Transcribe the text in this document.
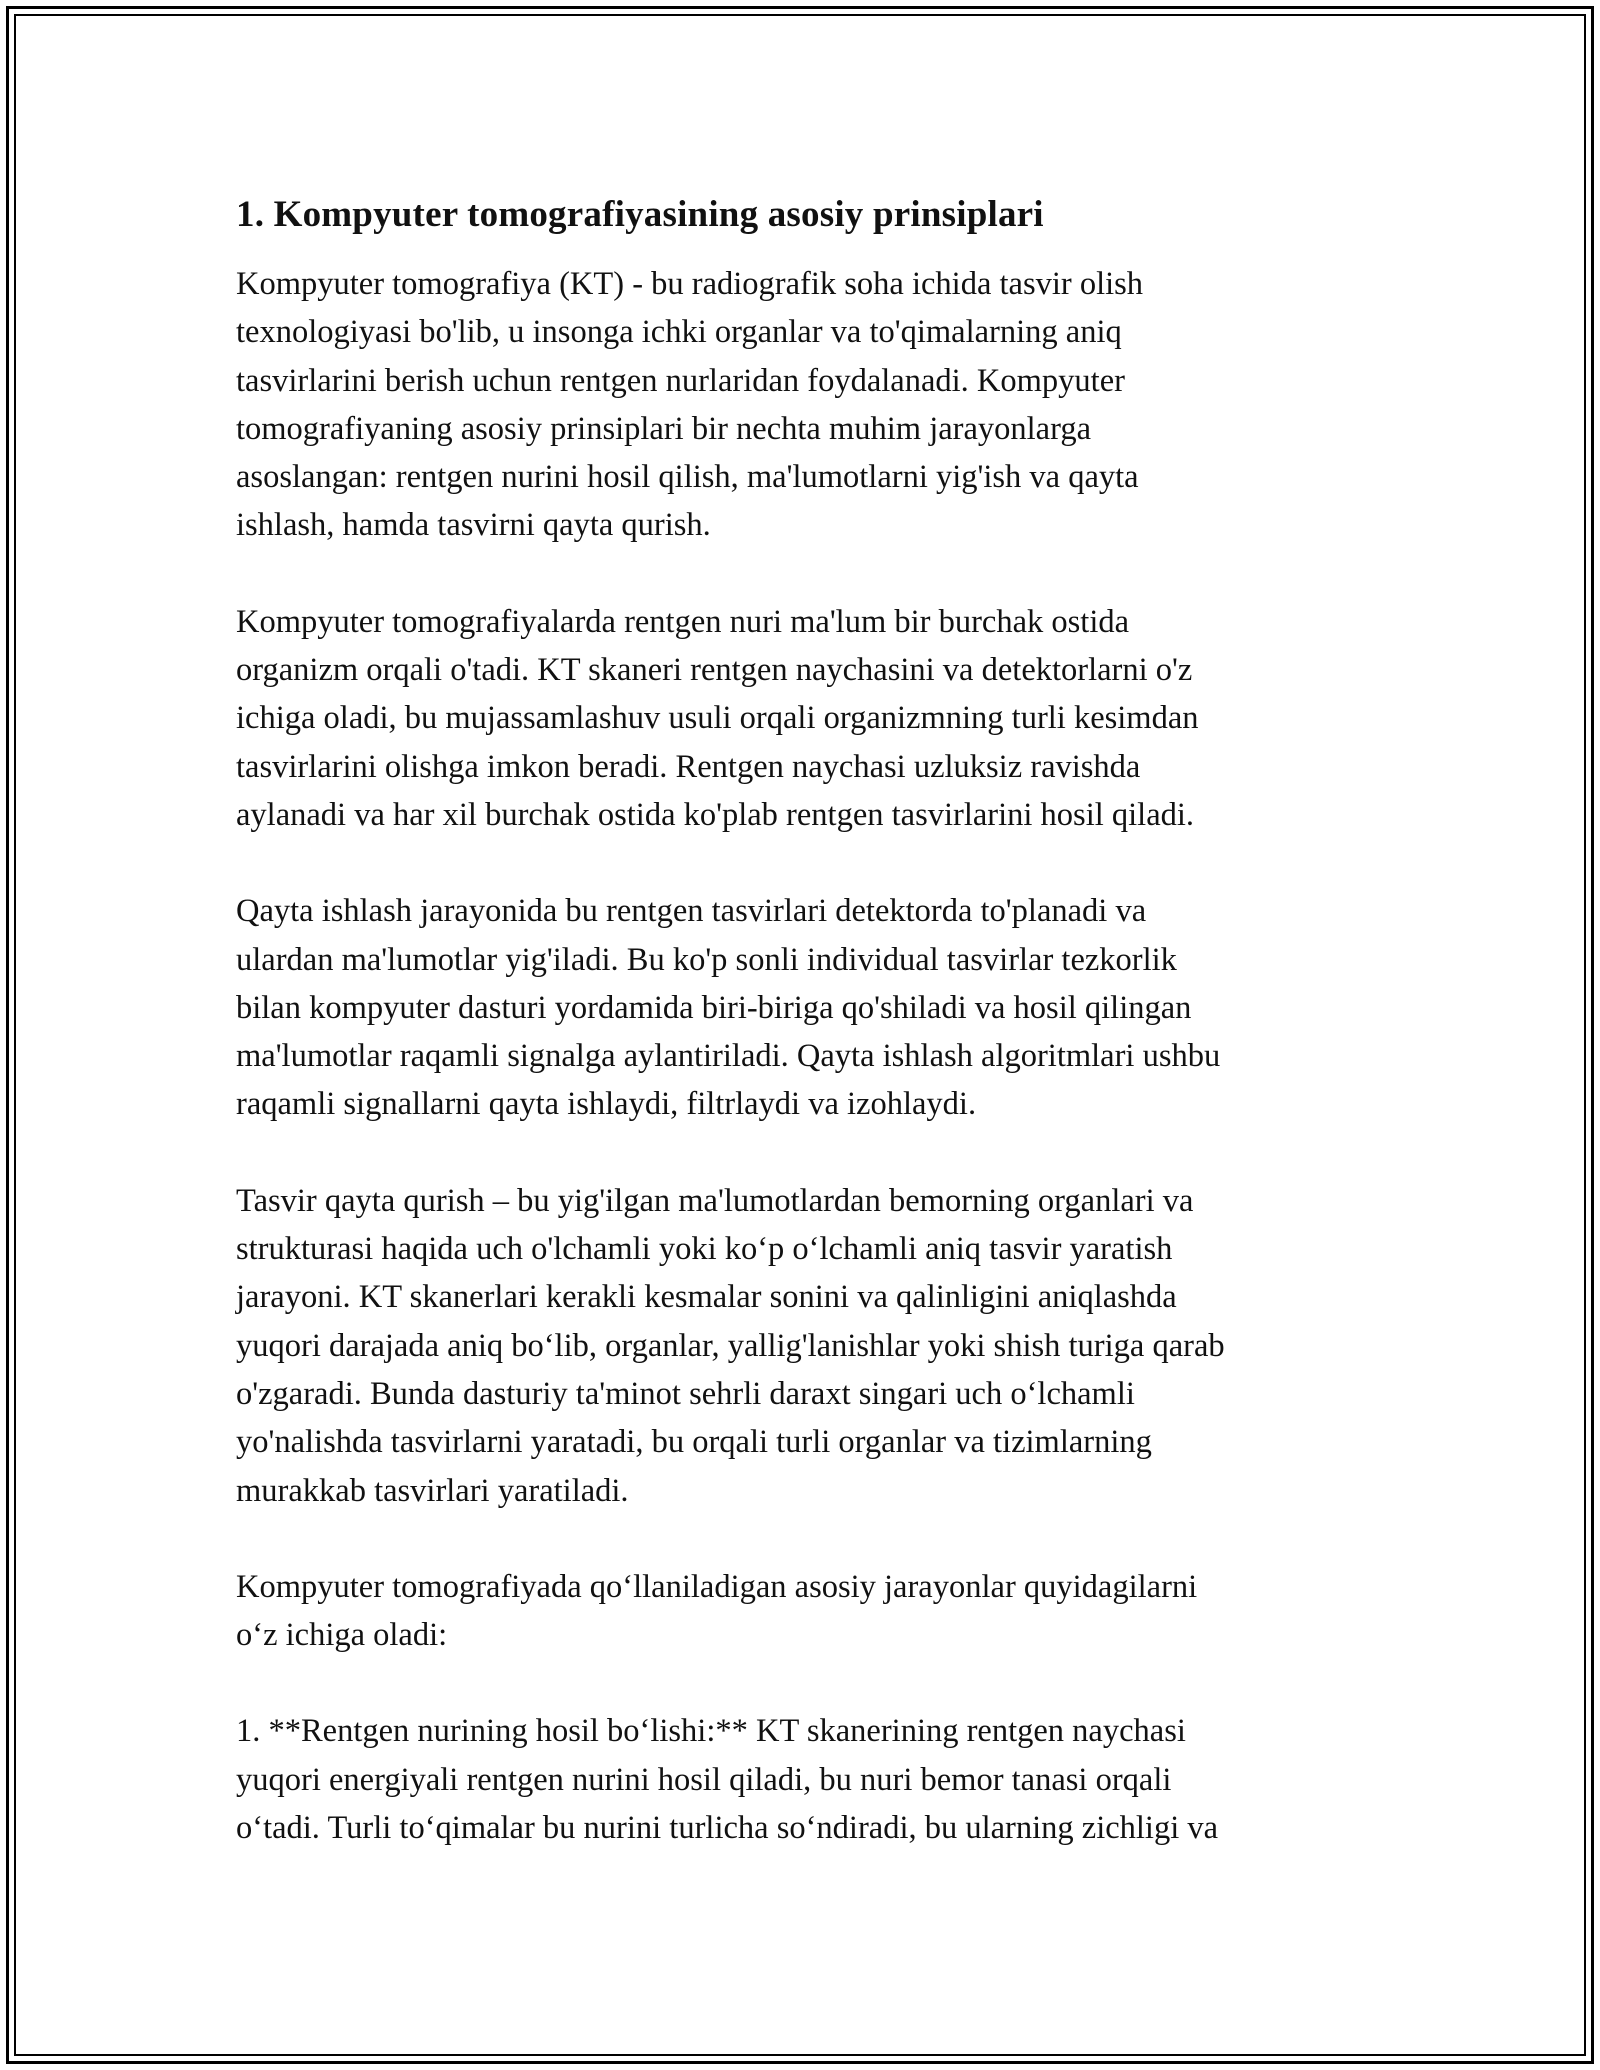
1. Kompyuter tomografiyasining asosiy prinsiplari

Kompyuter tomografiya (KT) - bu radiografik soha ichida tasvir olish
texnologiyasi bo'lib, u insonga ichki organlar va to'qimalarning aniq
tasvirlarini berish uchun rentgen nurlaridan foydalanadi. Kompyuter
tomografiyaning asosiy prinsiplari bir nechta muhim jarayonlarga
asoslangan: rentgen nurini hosil qilish, ma'lumotlarni yig'ish va qayta
ishlash, hamda tasvirni qayta qurish.

Kompyuter tomografiyalarda rentgen nuri ma'lum bir burchak ostida
organizm orqali o'tadi. KT skaneri rentgen naychasini va detektorlarni o'z
ichiga oladi, bu mujassamlashuv usuli orqali organizmning turli kesimdan
tasvirlarini olishga imkon beradi. Rentgen naychasi uzluksiz ravishda
aylanadi va har xil burchak ostida ko'plab rentgen tasvirlarini hosil qiladi.

Qayta ishlash jarayonida bu rentgen tasvirlari detektorda to'planadi va
ulardan ma'lumotlar yig'iladi. Bu ko'p sonli individual tasvirlar tezkorlik
bilan kompyuter dasturi yordamida biri-biriga qo'shiladi va hosil qilingan
ma'lumotlar raqamli signalga aylantiriladi. Qayta ishlash algoritmlari ushbu
raqamli signallarni qayta ishlaydi, filtrlaydi va izohlaydi.

Tasvir qayta qurish – bu yig'ilgan ma'lumotlardan bemorning organlari va
strukturasi haqida uch o'lchamli yoki ko‘p o‘lchamli aniq tasvir yaratish
jarayoni. KT skanerlari kerakli kesmalar sonini va qalinligini aniqlashda
yuqori darajada aniq bo‘lib, organlar, yallig'lanishlar yoki shish turiga qarab
o'zgaradi. Bunda dasturiy ta'minot sehrli daraxt singari uch o‘lchamli
yo'nalishda tasvirlarni yaratadi, bu orqali turli organlar va tizimlarning
murakkab tasvirlari yaratiladi.

Kompyuter tomografiyada qo‘llaniladigan asosiy jarayonlar quyidagilarni
o‘z ichiga oladi:

1. **Rentgen nurining hosil bo‘lishi:** KT skanerining rentgen naychasi
yuqori energiyali rentgen nurini hosil qiladi, bu nuri bemor tanasi orqali
o‘tadi. Turli to‘qimalar bu nurini turlicha so‘ndiradi, bu ularning zichligi va
